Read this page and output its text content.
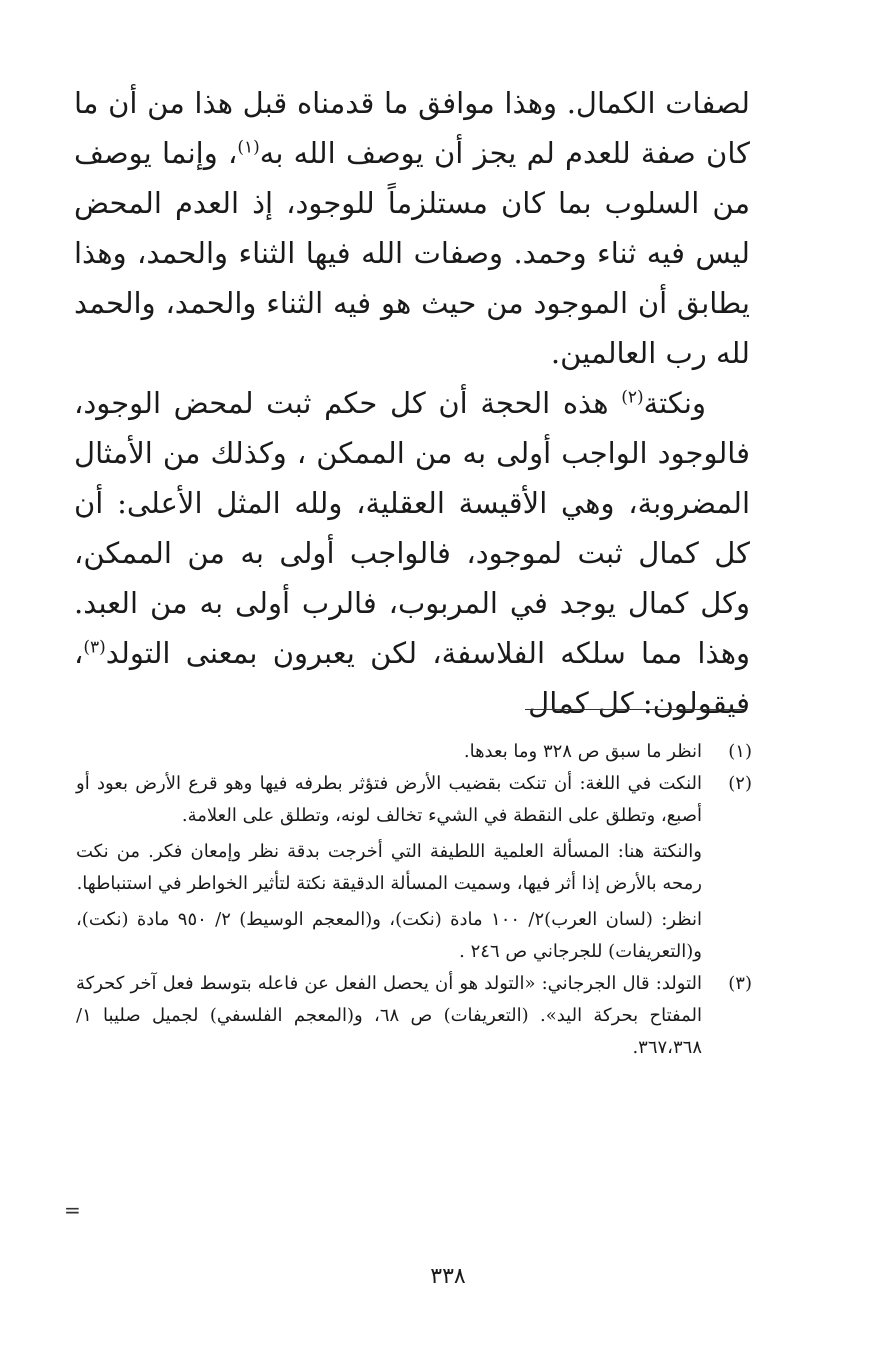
لصفات الكمال. وهذا موافق ما قدمناه قبل هذا من أن ما كان صفة للعدم لم يجز أن يوصف الله به$^{(١)}$، وإنما يوصف من السلوب بما كان مستلزماً للوجود، إذ العدم المحض ليس فيه ثناء وحمد. وصفات الله فيها الثناء والحمد، وهذا يطابق أن الموجود من حيث هو فيه الثناء والحمد، والحمد لله رب العالمين.

ونكتة$^{(٢)}$ هذه الحجة أن كل حكم ثبت لمحض الوجود، فالوجود الواجب أولى به من الممكن ، وكذلك من الأمثال المضروبة، وهي الأقيسة العقلية، ولله المثل الأعلى: أن كل كمال ثبت لموجود، فالواجب أولى به من الممكن، وكل كمال يوجد في المربوب، فالرب أولى به من العبد. وهذا مما سلكه الفلاسفة، لكن يعبرون بمعنى التولد$^{(٣)}$، فيقولون: كل كمال

(١)

انظر ما سبق ص ٣٢٨ وما بعدها.

(٢)

النكت في اللغة: أن تنكت بقضيب الأرض فتؤثر بطرفه فيها وهو قرع الأرض بعود أو أصبع، وتطلق على النقطة في الشيء تخالف لونه، وتطلق على العلامة.

والنكتة هنا: المسألة العلمية اللطيفة التي أخرجت بدقة نظر وإمعان فكر. من نكت رمحه بالأرض إذا أثر فيها، وسميت المسألة الدقيقة نكتة لتأثير الخواطر في استنباطها.

انظر: (لسان العرب)٢/ ١٠٠ مادة (نكت)، و(المعجم الوسيط) ٢/ ٩٥٠ مادة (نكت)، و(التعريفات) للجرجاني ص ٢٤٦ .

(٣)

التولد: قال الجرجاني: «التولد هو أن يحصل الفعل عن فاعله بتوسط فعل آخر كحركة المفتاح بحركة اليد». (التعريفات) ص ٦٨، و(المعجم الفلسفي) لجميل صليبا ١/ ٣٦٧،٣٦٨.

=
٣٣٨
